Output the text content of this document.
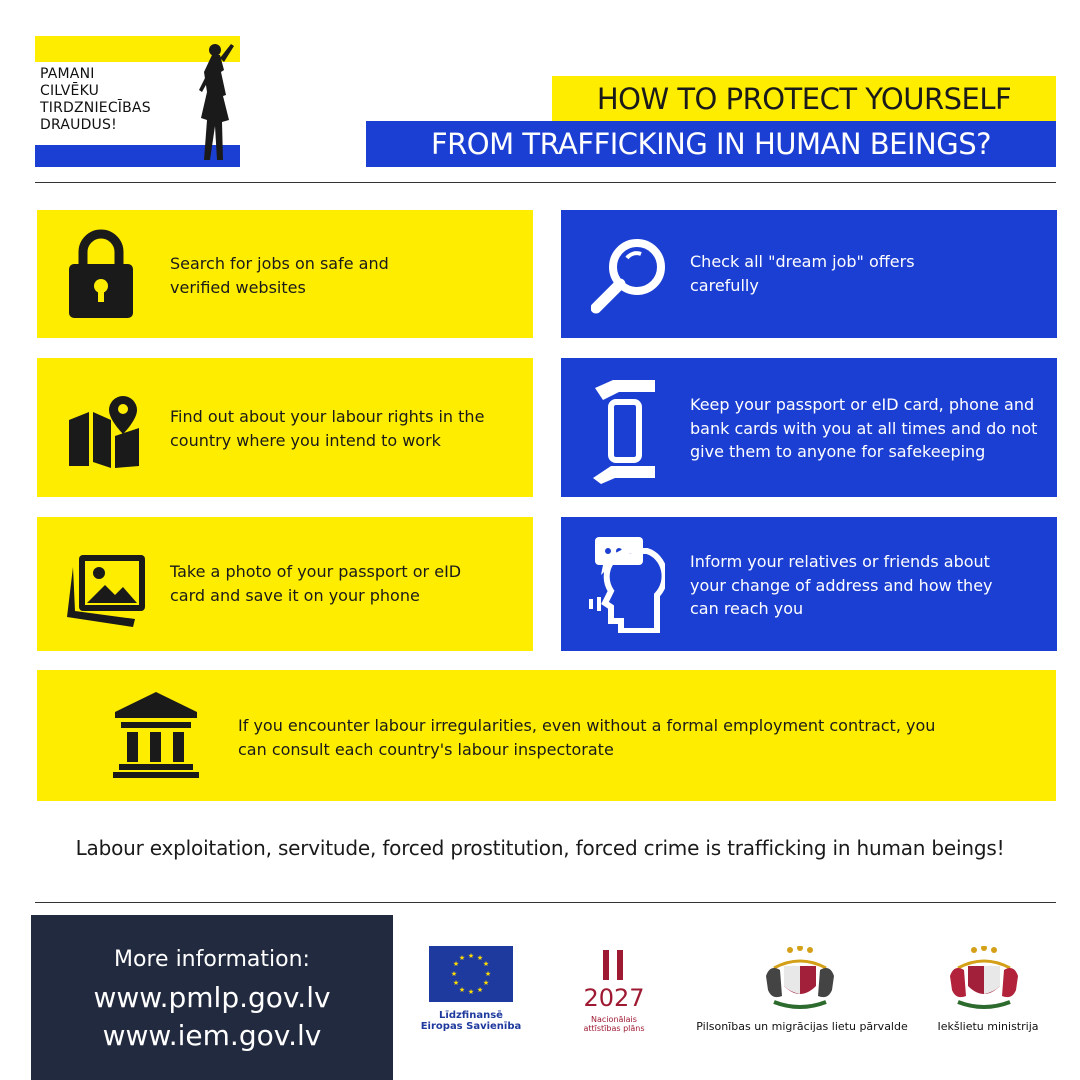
PAMANI
CILVĒKU
TIRDZNIECĪBAS
DRAUDUS!
HOW TO PROTECT YOURSELF
FROM TRAFFICKING IN HUMAN BEINGS?
Search for jobs on safe and verified websites
Check all "dream job" offers carefully
Find out about your labour rights in the country where you intend to work
Keep your passport or eID card, phone and bank cards with you at all times and do not give them to anyone for safekeeping
Take a photo of your passport or eID card and save it on your phone
Inform your relatives or friends about your change of address and how they can reach you
If you encounter labour irregularities, even without a formal employment contract, you can consult each country's labour inspectorate
Labour exploitation, servitude, forced prostitution, forced crime is trafficking in human beings!
More information:
www.pmlp.gov.lv
www.iem.gov.lv
★ ★
★
★
★
★
★
★
★
★
★
★
Līdzfinansē
Eiropas Savienība
2027
Nacionālais
attīstības plāns	Pilsonības un migrācijas lietu pārvalde	Iekšlietu ministrija
